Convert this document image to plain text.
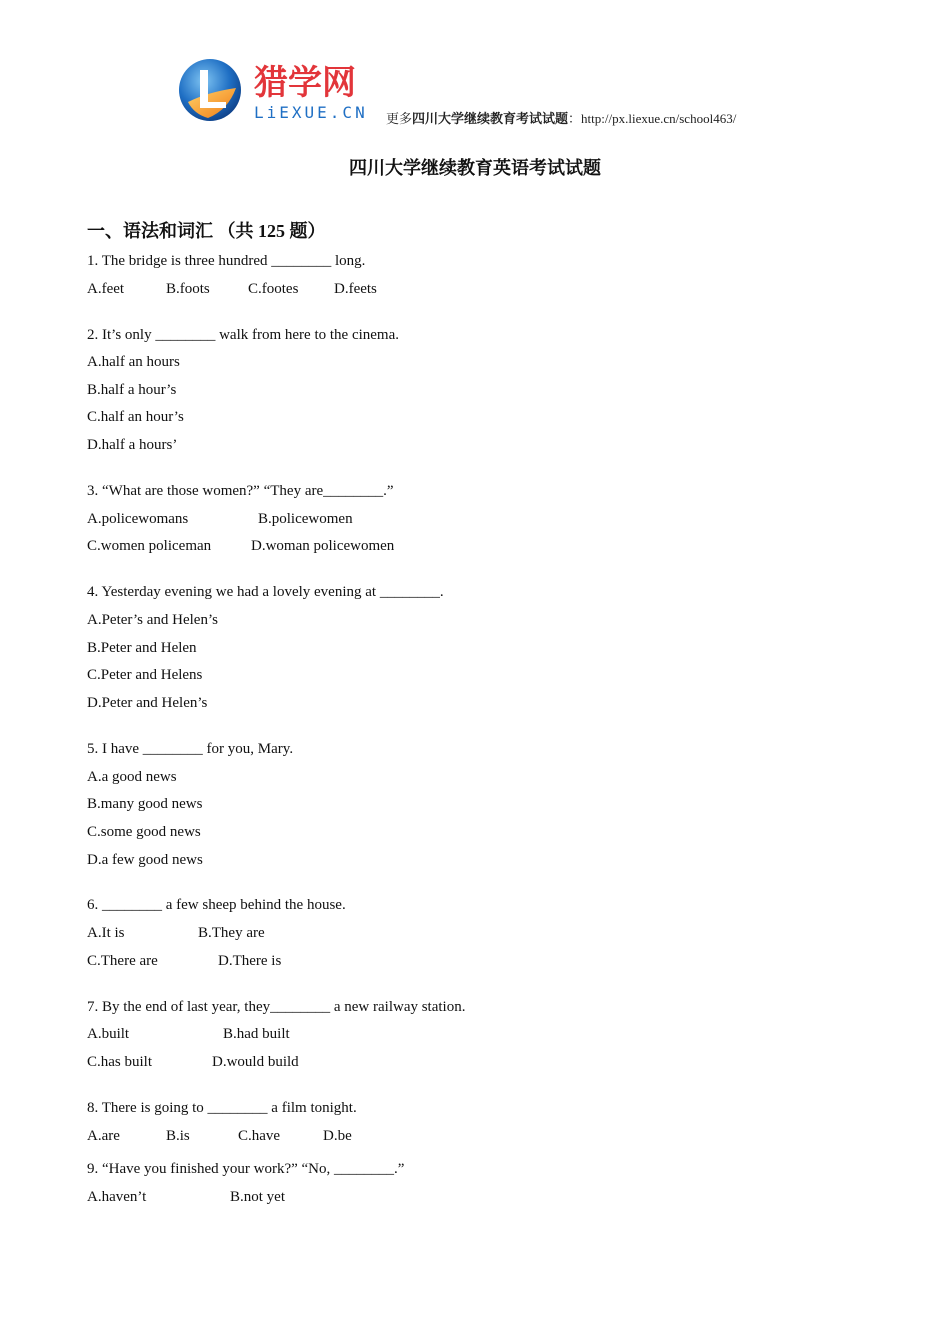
猎学网
LiEXUE.CN 更多四川大学继续教育考试试题：http://px.liexue.cn/school463/
四川大学继续教育英语考试试题
一、语法和词汇 （共 125 题）
1. The bridge is three hundred ________ long.
A.feet	B.foots	C.footes D.feets
2. It’s only ________ walk from here to the cinema.
A.half an hours
B.half a hour’s
C.half an hour’s
D.half a hours’
3. “What are those women?” “They are________.”
A.policewomans	B.policewomen
C.women policeman	D.woman policewomen
4. Yesterday evening we had a lovely evening at ________.
A.Peter’s and Helen’s
B.Peter and Helen
C.Peter and Helens
D.Peter and Helen’s
5. I have ________ for you, Mary.
A.a good news
B.many good news
C.some good news
D.a few good news
6. ________ a few sheep behind the house.
A.It is	B.They are
C.There are	D.There is
7. By the end of last year, they________ a new railway station.
A.built	B.had built
C.has built	D.would build
8. There is going to ________ a film tonight.
A.are	B.is	C.have	D.be
9. “Have you finished your work?” “No, ________.”
A.haven’t	B.not yet
